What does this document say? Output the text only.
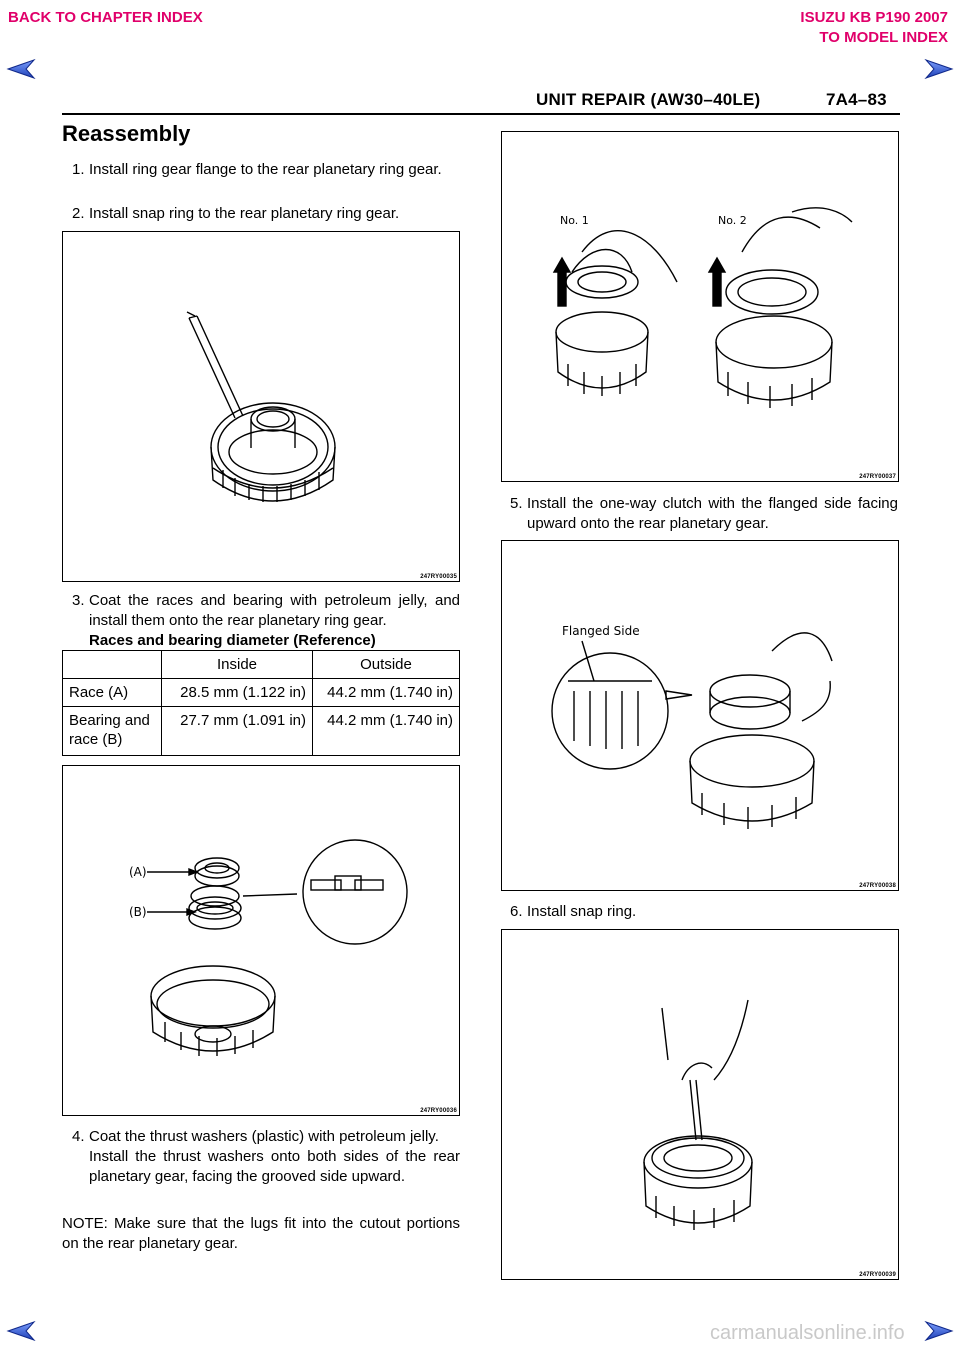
BACK TO CHAPTER INDEX	ISUZU KB P190 2007
TO MODEL INDEX
UNIT REPAIR (AW30–40LE)	7A4–83
Reassembly
1. Install ring gear flange to the rear planetary ring gear.
2. Install snap ring to the rear planetary ring gear.
247RY00035
3. Coat the races and bearing with petroleum jelly, and install them onto the rear planetary ring gear.
Races and bearing diameter (Reference)
	Inside	Outside
Race (A)	28.5 mm (1.122 in)	44.2 mm (1.740 in)
Bearing and race (B)	27.7 mm (1.091 in)	44.2 mm (1.740 in)
(A)
(B)
247RY00036
4. Coat the thrust washers (plastic) with petroleum jelly.
Install the thrust washers onto both sides of the rear planetary gear, facing the grooved side upward.
NOTE: Make sure that the lugs fit into the cutout portions on the rear planetary gear.
No. 1	No. 2
247RY00037
5. Install the one-way clutch with the flanged side facing upward onto the rear planetary gear.
Flanged Side
247RY00038
6. Install snap ring.
247RY00039
carmanualsonline.info
